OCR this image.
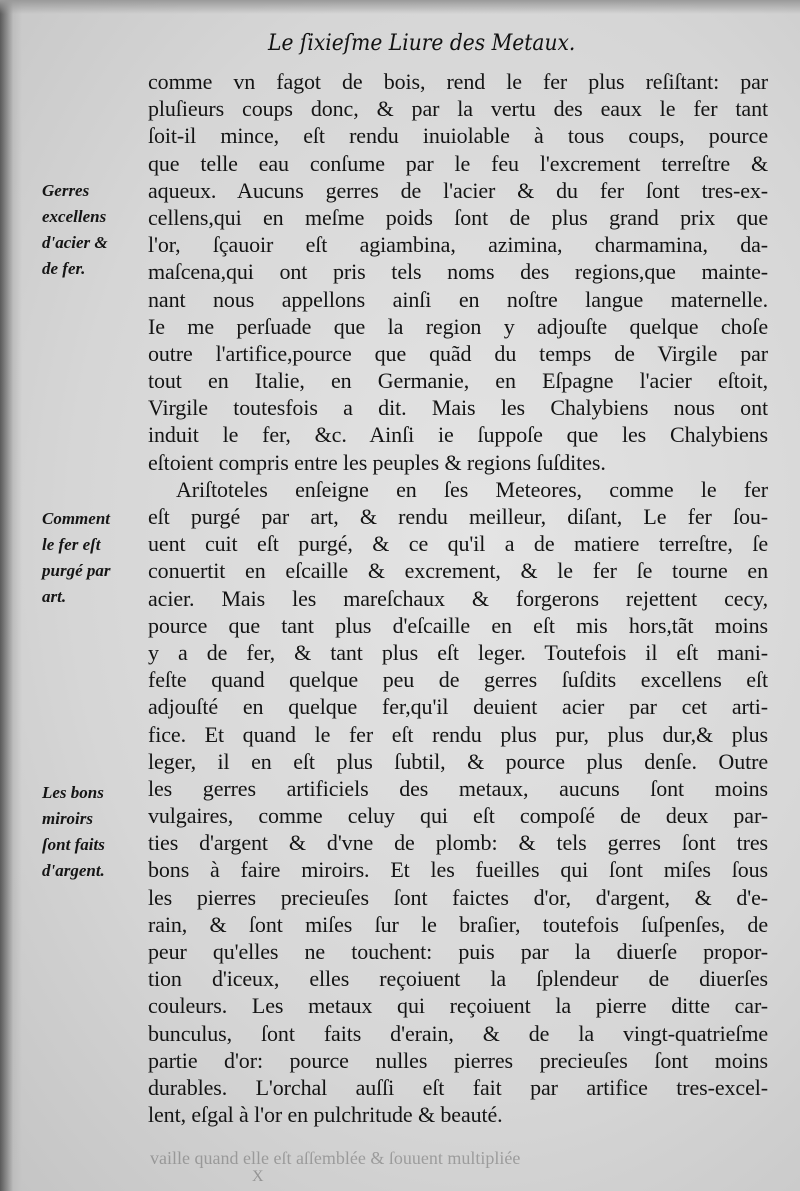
Le ſixieſme Liure des Metaux.
comme vn fagot de bois, rend le fer plus reſiſtant: par
pluſieurs coups donc, & par la vertu des eaux le fer tant
ſoit-il mince, eſt rendu inuiolable à tous coups, pource
que telle eau conſume par le feu l'excrement terreſtre &
aqueux. Aucuns gerres de l'acier & du fer ſont tres-ex-
cellens,qui en meſme poids ſont de plus grand prix que
l'or, ſçauoir eſt agiambina, azimina, charmamina, da-
maſcena,qui ont pris tels noms des regions,que mainte-
nant nous appellons ainſi en noſtre langue maternelle.
Ie me perſuade que la region y adjouſte quelque choſe
outre l'artifice,pource que quãd du temps de Virgile par
tout en Italie, en Germanie, en Eſpagne l'acier eſtoit,
Virgile toutesfois a dit. Mais les Chalybiens nous ont
induit le fer, &c. Ainſi ie ſuppoſe que les Chalybiens
eſtoient compris entre les peuples & regions ſuſdites.
Ariſtoteles enſeigne en ſes Meteores, comme le fer
eſt purgé par art, & rendu meilleur, diſant, Le fer ſou-
uent cuit eſt purgé, & ce qu'il a de matiere terreſtre, ſe
conuertit en eſcaille & excrement, & le fer ſe tourne en
acier. Mais les mareſchaux & forgerons rejettent cecy,
pource que tant plus d'eſcaille en eſt mis hors,tãt moins
y a de fer, & tant plus eſt leger. Toutefois il eſt mani-
feſte quand quelque peu de gerres ſuſdits excellens eſt
adjouſté en quelque fer,qu'il deuient acier par cet arti-
fice. Et quand le fer eſt rendu plus pur, plus dur,& plus
leger, il en eſt plus ſubtil, & pource plus denſe. Outre
les gerres artificiels des metaux, aucuns ſont moins
vulgaires, comme celuy qui eſt compoſé de deux par-
ties d'argent & d'vne de plomb: & tels gerres ſont tres
bons à faire miroirs. Et les fueilles qui ſont miſes ſous
les pierres precieuſes ſont faictes d'or, d'argent, & d'e-
rain, & ſont miſes ſur le braſier, toutefois ſuſpenſes, de
peur qu'elles ne touchent: puis par la diuerſe propor-
tion d'iceux, elles reçoiuent la ſplendeur de diuerſes
couleurs. Les metaux qui reçoiuent la pierre ditte car-
bunculus, ſont faits d'erain, & de la vingt-quatrieſme
partie d'or: pource nulles pierres precieuſes ſont moins
durables. L'orchal auſſi eſt fait par artifice tres-excel-
lent, eſgal à l'or en pulchritude & beauté.
Gerres
excellens
d'acier &
de fer.
Comment
le fer eſt
purgé par
art.
Les bons
miroirs
ſont faits
d'argent.
vaille quand elle eſt aſſemblée & ſouuent multipliée
X
